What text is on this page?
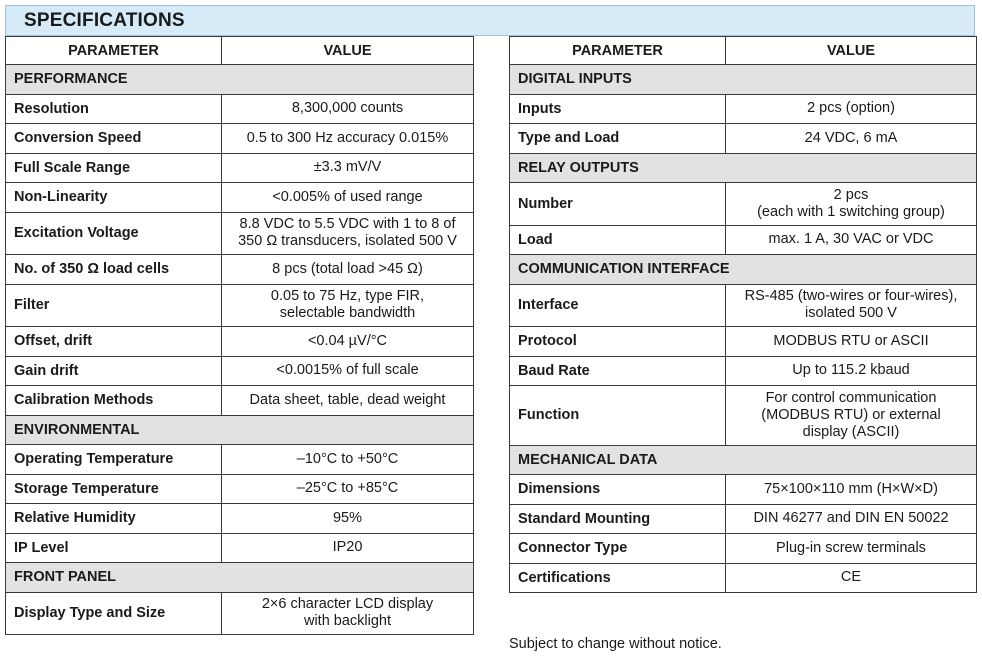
SPECIFICATIONS
PARAMETER	VALUE
PERFORMANCE	
Resolution	8,300,000 counts

Conversion Speed	0.5 to 300 Hz accuracy 0.015%

Full Scale Range	±3.3 mV/V

Non-Linearity	<0.005% of used range

Excitation Voltage	8.8 VDC to 5.5 VDC with 1 to 8 of
350 Ω transducers, isolated 500 V

No. of 350 Ω load cells	8 pcs (total load >45 Ω)

Filter	0.05 to 75 Hz, type FIR,
selectable bandwidth

Offset, drift	<0.04 µV/°C

Gain drift	<0.0015% of full scale

Calibration Methods	Data sheet, table, dead weight

ENVIRONMENTAL	
Operating Temperature	–10°C to +50°C

Storage Temperature	–25°C to +85°C

Relative Humidity	95%

IP Level	IP20

FRONT PANEL	
Display Type and Size	2×6 character LCD display
with backlight
PARAMETER	VALUE
DIGITAL INPUTS	
Inputs	2 pcs (option)

Type and Load	24 VDC, 6 mA

RELAY OUTPUTS	
Number	2 pcs
(each with 1 switching group)

Load	max. 1 A, 30 VAC or VDC

COMMUNICATION INTERFACE	
Interface	RS-485 (two-wires or four-wires),
isolated 500 V

Protocol	MODBUS RTU or ASCII

Baud Rate	Up to 115.2 kbaud

Function	For control communication
(MODBUS RTU) or external
display (ASCII)

MECHANICAL DATA	
Dimensions	75×100×110 mm (H×W×D)

Standard Mounting	DIN 46277 and DIN EN 50022

Connector Type	Plug-in screw terminals

Certifications	CE
Subject to change without notice.
